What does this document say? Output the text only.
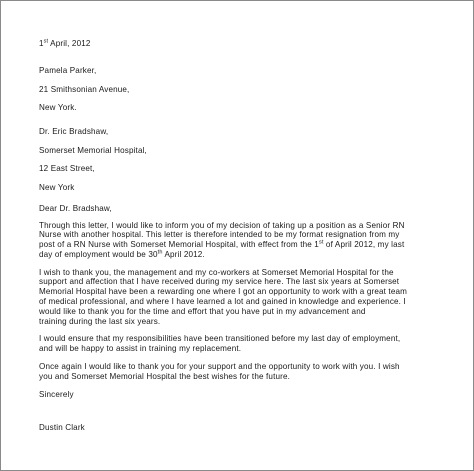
1st April, 2012
Pamela Parker,
21 Smithsonian Avenue,
New York.
Dr. Eric Bradshaw,
Somerset Memorial Hospital,
12 East Street,
New York
Dear Dr. Bradshaw,
Through this letter, I would like to inform you of my decision of taking up a position as a Senior RN
Nurse with another hospital. This letter is therefore intended to be my format resignation from my
post of a RN Nurse with Somerset Memorial Hospital, with effect from the 1st of April 2012, my last
day of employment would be 30th April 2012.
I wish to thank you, the management and my co-workers at Somerset Memorial Hospital for the
support and affection that I have received during my service here. The last six years at Somerset
Memorial Hospital have been a rewarding one where I got an opportunity to work with a great team
of medical professional, and where I have learned a lot and gained in knowledge and experience. I
would like to thank you for the time and effort that you have put in my advancement and
training during the last six years.
I would ensure that my responsibilities have been transitioned before my last day of employment,
and will be happy to assist in training my replacement.
Once again I would like to thank you for your support and the opportunity to work with you. I wish
you and Somerset Memorial Hospital the best wishes for the future.
Sincerely
Dustin Clark
